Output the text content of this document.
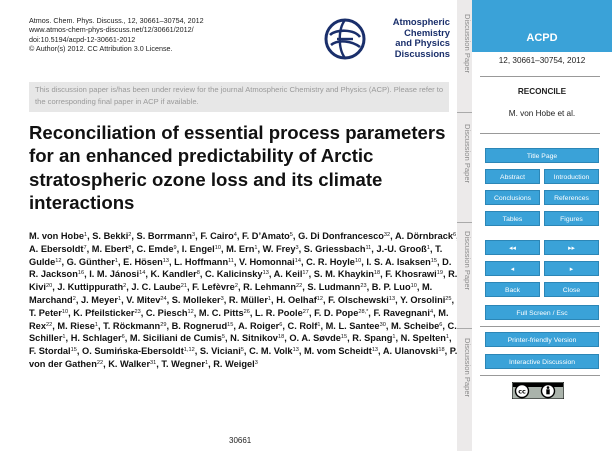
Atmos. Chem. Phys. Discuss., 12, 30661–30754, 2012
www.atmos-chem-phys-discuss.net/12/30661/2012/
doi:10.5194/acpd-12-30661-2012
© Author(s) 2012. CC Attribution 3.0 License.
Atmospheric
Chemistry
and Physics
Discussions
This discussion paper is/has been under review for the journal Atmospheric Chemistry and Physics (ACP). Please refer to the corresponding final paper in ACP if available.
Reconciliation of essential process parameters for an enhanced predictability of Arctic stratospheric ozone loss and its climate interactions
M. von Hobe$^1$, S. Bekki$^2$, S. Borrmann$^3$, F. Cairo$^4$, F. D’Amato$^5$, G. Di Donfrancesco$^{32}$, A. Dörnbrack$^6$A. Ebersoldt$^7$, M. Ebert$^8$, C. Emde$^9$, I. Engel$^{10}$, M. Ern$^1$, W. Frey$^3$, S. Griessbach$^{11}$, J.-U. Grooß$^1$, T. Gulde$^{12}$, G. Günther$^1$, E. Hösen$^{13}$, L. Hoffmann$^{11}$, V. Homonnai$^{14}$, C. R. Hoyle$^{10}$, I. S. A. Isaksen$^{15}$, D. R. Jackson$^{16}$, I. M. Jánosi$^{14}$, K. Kandler$^8$, C. Kalicinsky$^{13}$, A. Keil$^{17}$, S. M. Khaykin$^{18}$, F. Khosrawi$^{19}$, R. Kivi$^{20}$, J. Kuttippurath$^2$, J. C. Laube$^{21}$, F. Lefèvre$^2$, R. Lehmann$^{22}$, S. Ludmann$^{23}$, B. P. Luo$^{10}$, M. Marchand$^2$, J. Meyer$^1$, V. Mitev$^{24}$, S. Molleker$^3$, R. Müller$^1$, H. Oelhaf$^{12}$, F. Olschewski$^{13}$, Y. Orsolini$^{25}$, T. Peter$^{10}$, K. Pfeilsticker$^{23}$, C. Piesch$^{12}$, M. C. Pitts$^{26}$, L. R. Poole$^{27}$, F. D. Pope$^{28,*}$, F. Ravegnani$^4$, M. Rex$^{22}$, M. Riese$^1$, T. Röckmann$^{29}$, B. Rognerud$^{15}$, A. Roiger$^6$, C. Rolf$^1$, M. L. Santee$^{30}$, M. Scheibe$^6$, C. Schiller$^1$, H. Schlager$^6$, M. Siciliani de Cumis$^5$, N. Sitnikov$^{18}$, O. A. Søvde$^{15}$, R. Spang$^1$, N. Spelten$^1$, F. Stordal$^{15}$, O. Sumińska-Ebersoldt$^{1,12}$, S. Viciani$^5$, C. M. Volk$^{13}$, M. vom Scheidt$^{13}$, A. Ulanovski$^{18}$, P. von der Gathen$^{22}$, K. Walker$^{31}$, T. Wegner$^1$, R. Weigel$^3$
30661
Discussion Paper
Discussion Paper
Discussion Paper
Discussion Paper
ACPD
12, 30661–30754, 2012
RECONCILE
M. von Hobe et al.
Title Page
Abstract	Introduction
Conclusions	References
Tables	Figures
◂◂	▸▸
◂	▸
Back	Close
Full Screen / Esc
Printer-friendly Version
Interactive Discussion
cc
